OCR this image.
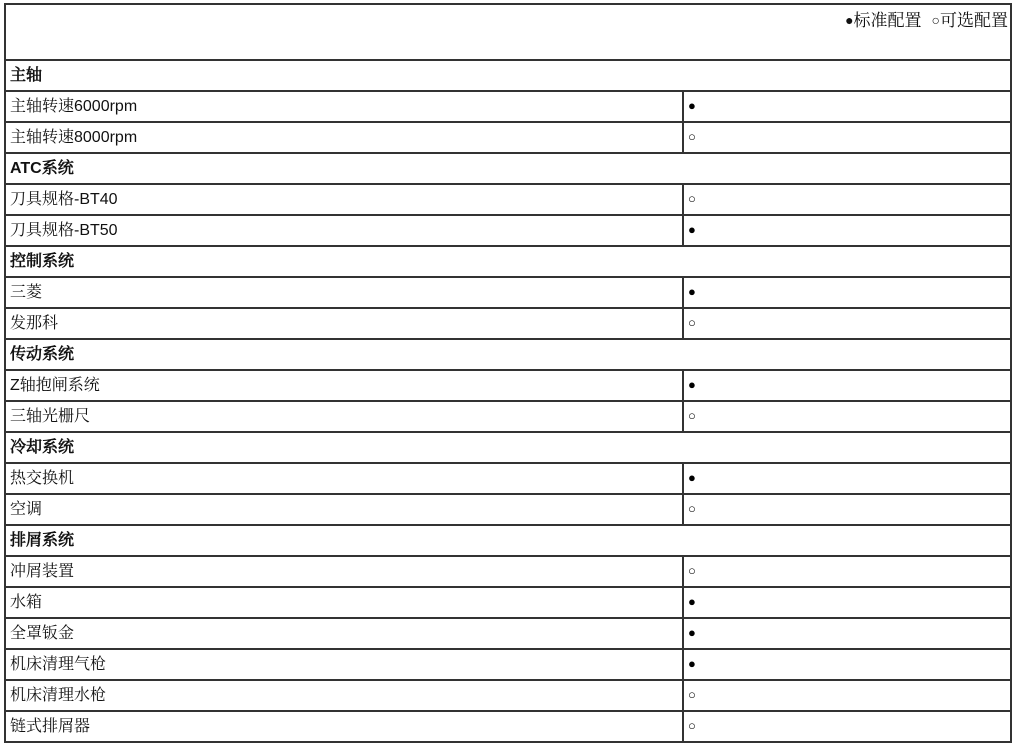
●标准配置 ○可选配置	
主轴	
主轴转速6000rpm	●
主轴转速8000rpm	○
ATC系统	
刀具规格-BT40	○
刀具规格-BT50	●
控制系统	
三菱	●
发那科	○
传动系统	
Z轴抱闸系统	●
三轴光栅尺	○
冷却系统	
热交换机	●
空调	○
排屑系统	
冲屑装置	○
水箱	●
全罩钣金	●
机床清理气枪	●
机床清理水枪	○
链式排屑器	○
